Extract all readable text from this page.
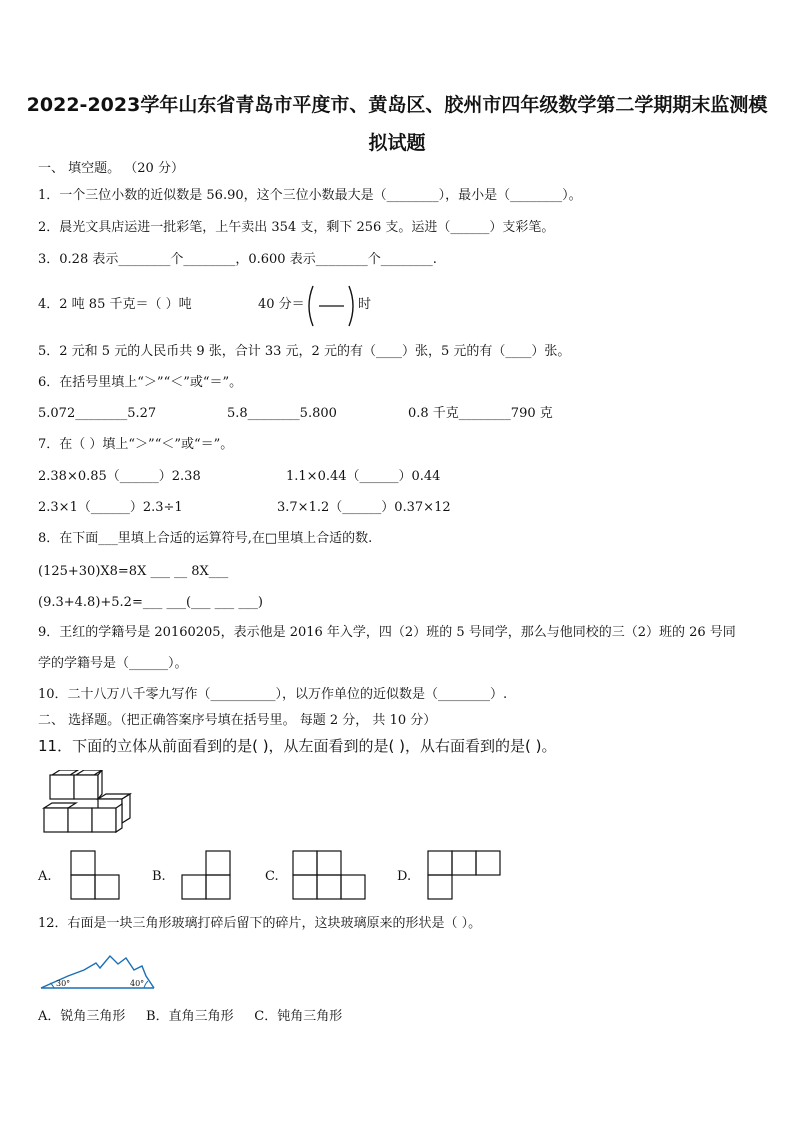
2022-2023学年山东省青岛市平度市、黄岛区、胶州市四年级数学第二学期期末监测模
拟试题
一、 填空题。 （20 分）
1．一个三位小数的近似数是 56.90，这个三位小数最大是（________），最小是（________）。
2．晨光文具店运进一批彩笔，上午卖出 354 支，剩下 256 支。运进（______）支彩笔。
3．0.28 表示________个________，0.600 表示________个________.
4．2 吨 85 千克＝（ ）吨	40 分＝	时
5．2 元和 5 元的人民币共 9 张，合计 33 元，2 元的有（____）张，5 元的有（____）张。
6．在括号里填上“＞”“＜”或“＝”。
5.072________5.27	5.8________5.800	0.8 千克________790 克
7．在（ ）填上“＞”“＜”或“＝”。
2.38×0.85（______）2.38	1.1×0.44（______）0.44
2.3×1（______）2.3÷1	3.7×1.2（______）0.37×12
8．在下面___里填上合适的运算符号,在□里填上合适的数.
(125+30)X8=8X ___ __ 8X___
(9.3+4.8)+5.2=___ ___(___ ___ ___)
9．王红的学籍号是 20160205，表示他是 2016 年入学，四（2）班的 5 号同学，那么与他同校的三（2）班的 26 号同
学的学籍号是（______）。
10．二十八万八千零九写作（__________），以万作单位的近似数是（________）.
二、 选择题。（把正确答案序号填在括号里。 每题 2 分， 共 10 分）
11．下面的立体从前面看到的是( )，从左面看到的是( )，从右面看到的是( )。
A.	B.	C.	D.
12．右面是一块三角形玻璃打碎后留下的碎片，这块玻璃原来的形状是（ ）。
30°	40°
A．锐角三角形     B．直角三角形     C．钝角三角形
